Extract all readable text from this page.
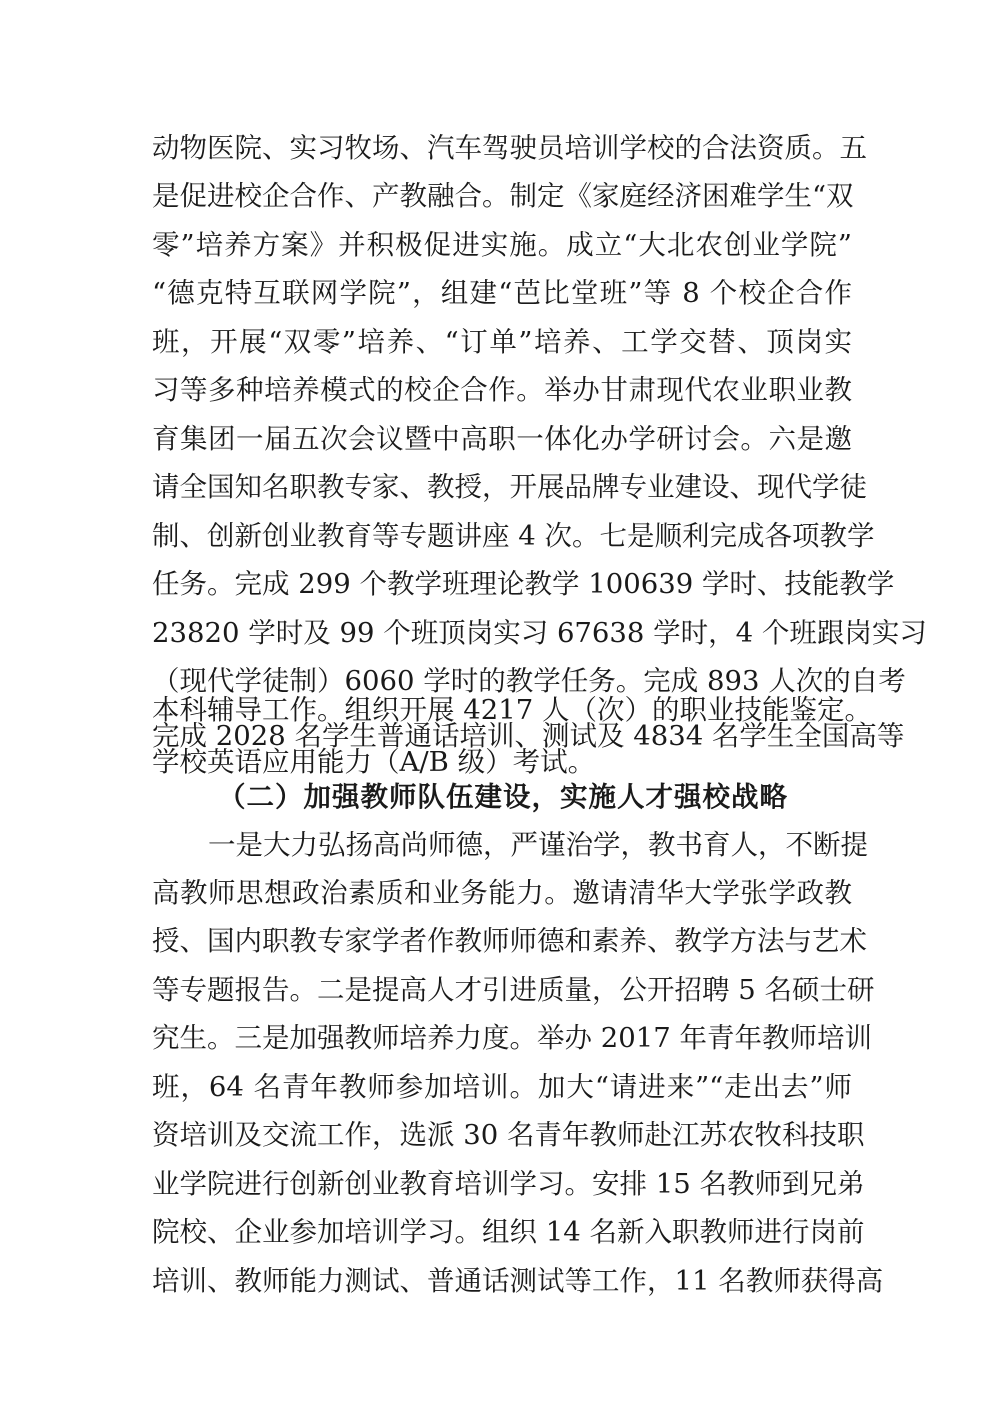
动物医院、实习牧场、汽车驾驶员培训学校的合法资质。五
是促进校企合作、产教融合。制定《家庭经济困难学生“双
零”培养方案》并积极促进实施。成立“大北农创业学院”
“德克特互联网学院”，组建“芭比堂班”等 8 个校企合作
班，开展“双零”培养、“订单”培养、工学交替、顶岗实
习等多种培养模式的校企合作。举办甘肃现代农业职业教
育集团一届五次会议暨中高职一体化办学研讨会。六是邀
请全国知名职教专家、教授，开展品牌专业建设、现代学徒
制、创新创业教育等专题讲座 4 次。七是顺利完成各项教学
任务。完成 299 个教学班理论教学 100639 学时、技能教学
23820 学时及 99 个班顶岗实习 67638 学时，4 个班跟岗实习
（现代学徒制）6060 学时的教学任务。完成 893 人次的自考
本科辅导工作。组织开展 4217 人（次）的职业技能鉴定。
完成 2028 名学生普通话培训、测试及 4834 名学生全国高等
学校英语应用能力（A/B 级）考试。
（二）加强教师队伍建设，实施人才强校战略
一是大力弘扬高尚师德，严谨治学，教书育人，不断提
高教师思想政治素质和业务能力。邀请清华大学张学政教
授、国内职教专家学者作教师师德和素养、教学方法与艺术
等专题报告。二是提高人才引进质量，公开招聘 5 名硕士研
究生。三是加强教师培养力度。举办 2017 年青年教师培训
班，64 名青年教师参加培训。加大“请进来”“走出去”师
资培训及交流工作，选派 30 名青年教师赴江苏农牧科技职
业学院进行创新创业教育培训学习。安排 15 名教师到兄弟
院校、企业参加培训学习。组织 14 名新入职教师进行岗前
培训、教师能力测试、普通话测试等工作，11 名教师获得高
